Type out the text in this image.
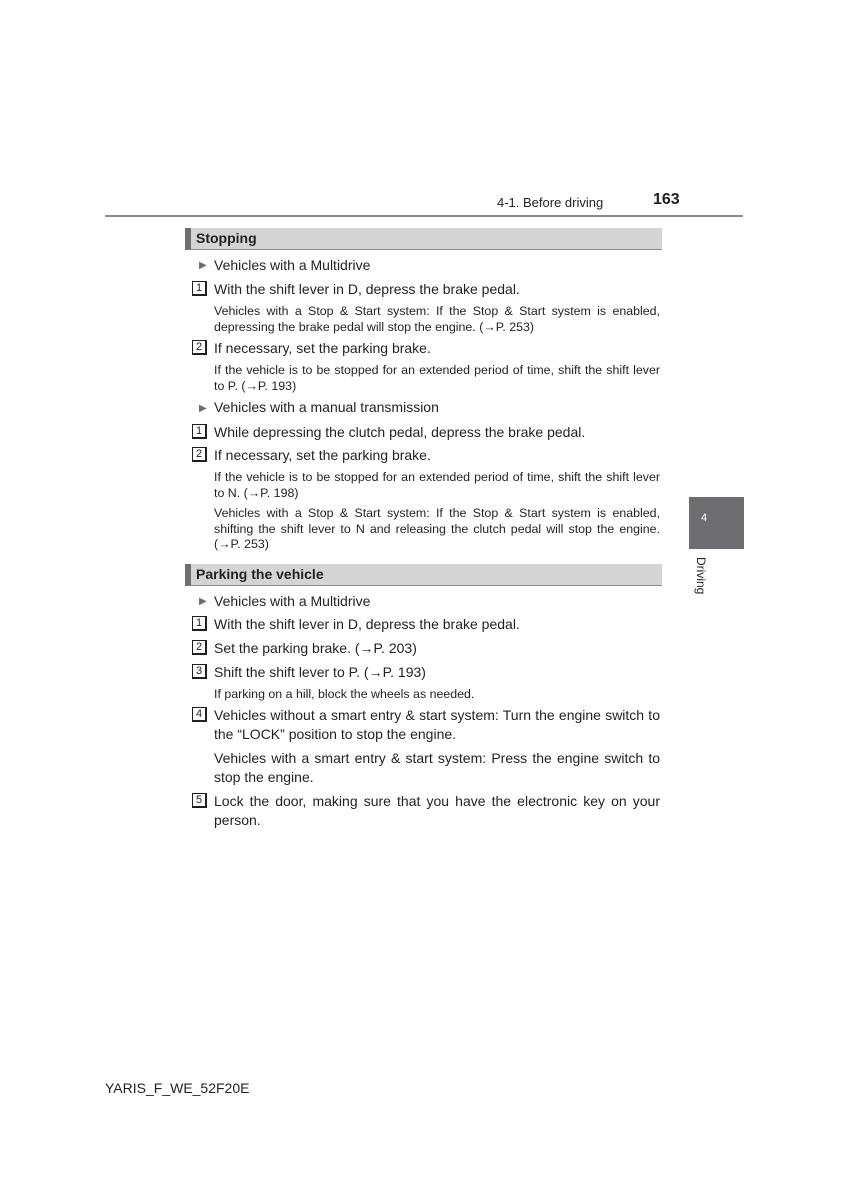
4-1. Before driving	163
Stopping
▶ Vehicles with a Multidrive
1 With the shift lever in D, depress the brake pedal.
Vehicles with a Stop & Start system: If the Stop & Start system is enabled, depressing the brake pedal will stop the engine. (→P. 253)
2 If necessary, set the parking brake.
If the vehicle is to be stopped for an extended period of time, shift the shift lever to P. (→P. 193)
▶ Vehicles with a manual transmission
1 While depressing the clutch pedal, depress the brake pedal.
2 If necessary, set the parking brake.
If the vehicle is to be stopped for an extended period of time, shift the shift lever to N. (→P. 198)
Vehicles with a Stop & Start system: If the Stop & Start system is enabled, shifting the shift lever to N and releasing the clutch pedal will stop the engine. (→P. 253)
Parking the vehicle
▶ Vehicles with a Multidrive
1 With the shift lever in D, depress the brake pedal.
2 Set the parking brake. (→P. 203)
3 Shift the shift lever to P. (→P. 193)
If parking on a hill, block the wheels as needed.
4 Vehicles without a smart entry & start system: Turn the engine switch to the “LOCK” position to stop the engine.
Vehicles with a smart entry & start system: Press the engine switch to stop the engine.
5 Lock the door, making sure that you have the electronic key on your person.
4
Driving
YARIS_F_WE_52F20E
